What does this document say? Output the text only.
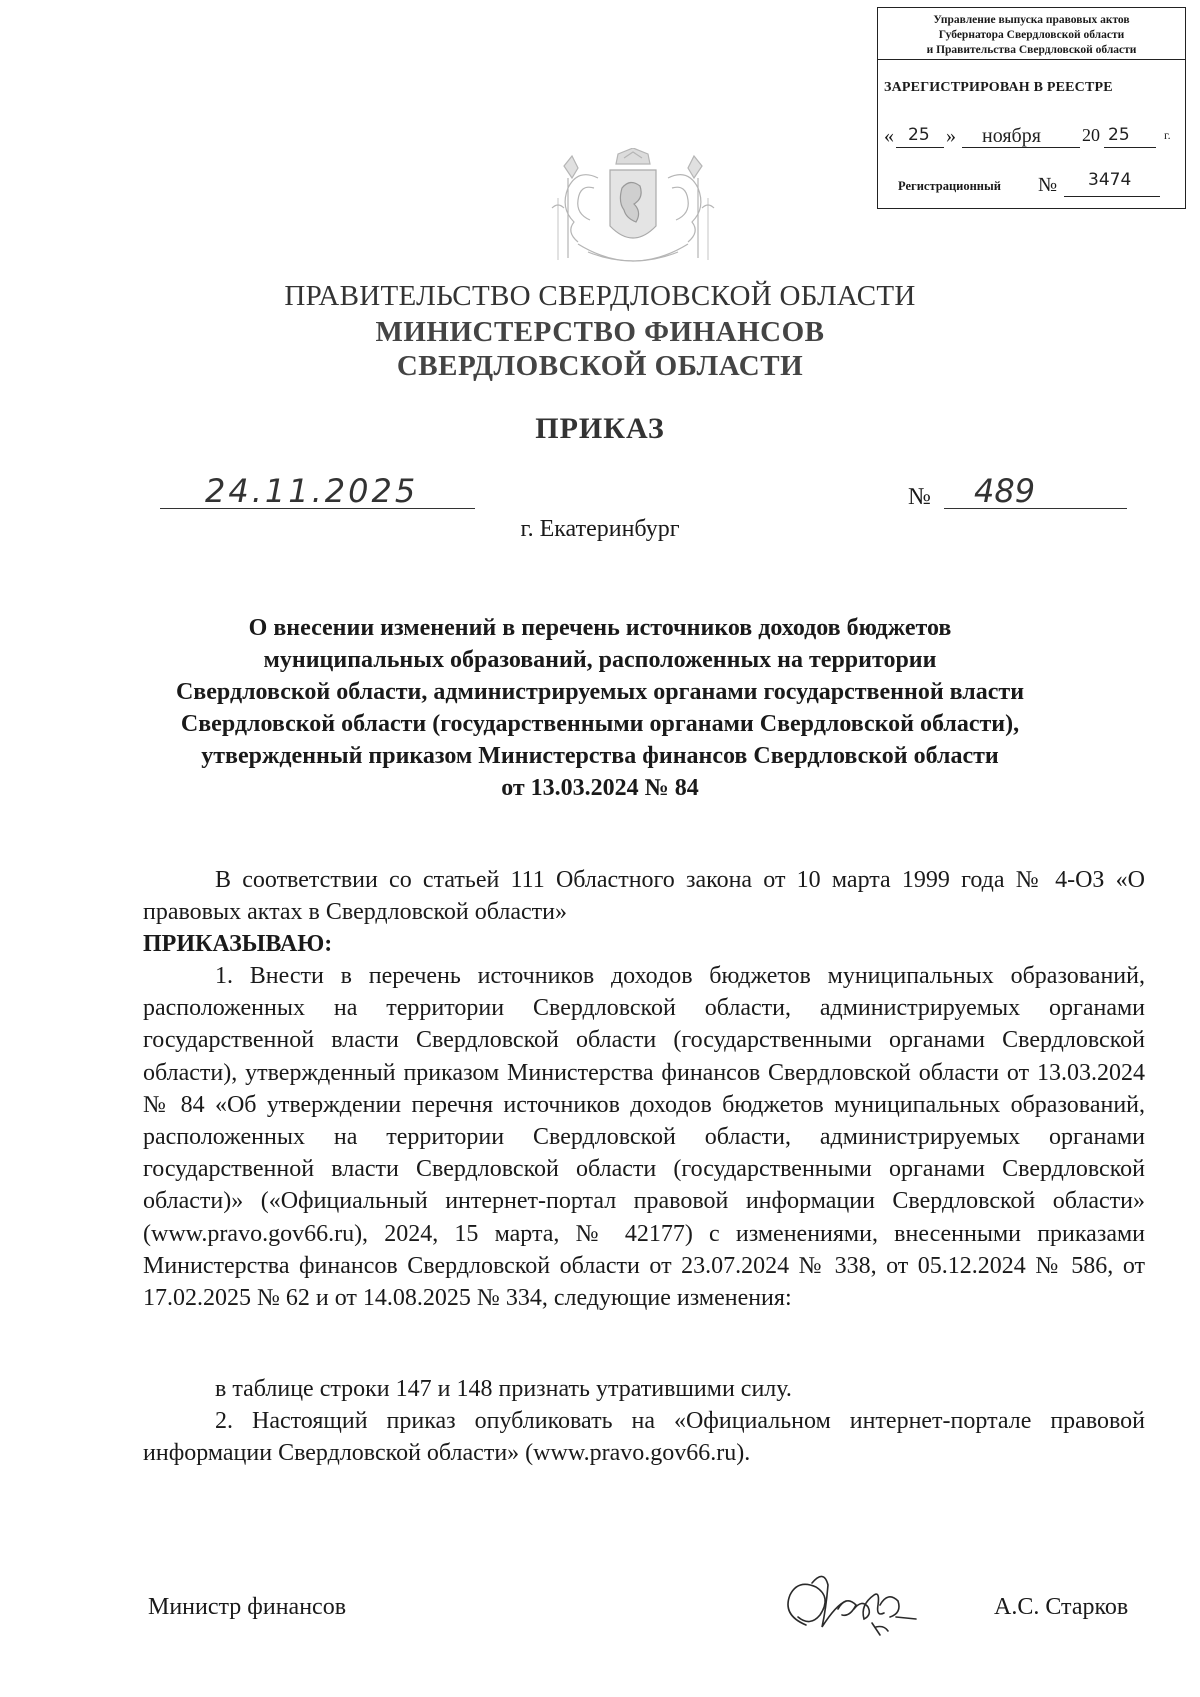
Управление выпуска правовых актов
Губернатора Свердловской области
и Правительства Свердловской области
ЗАРЕГИСТРИРОВАН В РЕЕСТРЕ
« 25 » ноября 20 25	г.
Регистрационный № 3474
ПРАВИТЕЛЬСТВО СВЕРДЛОВСКОЙ ОБЛАСТИ
МИНИСТЕРСТВО ФИНАНСОВ
СВЕРДЛОВСКОЙ ОБЛАСТИ
ПРИКАЗ
24.11.2025	№ 489
г. Екатеринбург
О внесении изменений в перечень источников доходов бюджетов
муниципальных образований, расположенных на территории
Свердловской области, администрируемых органами государственной власти
Свердловской области (государственными органами Свердловской области),
утвержденный приказом Министерства финансов Свердловской области
от 13.03.2024 № 84

В соответствии со статьей 111 Областного закона от 10 марта 1999 года № 4-ОЗ «О правовых актах в Свердловской области»

ПРИКАЗЫВАЮ:

1. Внести в перечень источников доходов бюджетов муниципальных образований, расположенных на территории Свердловской области, администрируемых органами государственной власти Свердловской области (государственными органами Свердловской области), утвержденный приказом Министерства финансов Свердловской области от 13.03.2024 № 84 «Об утверждении перечня источников доходов бюджетов муниципальных образований, расположенных на территории Свердловской области, администрируемых органами государственной власти Свердловской области (государственными органами Свердловской области)» («Официальный интернет-портал правовой информации Свердловской области» (www.pravo.gov66.ru), 2024, 15 марта, № 42177) с изменениями, внесенными приказами Министерства финансов Свердловской области от 23.07.2024 № 338, от 05.12.2024 № 586, от 17.02.2025 № 62 и от 14.08.2025 № 334, следующие изменения:

в таблице строки 147 и 148 признать утратившими силу.

2. Настоящий приказ опубликовать на «Официальном интернет-портале правовой информации Свердловской области» (www.pravo.gov66.ru).

Министр финансов	А.С. Старков
